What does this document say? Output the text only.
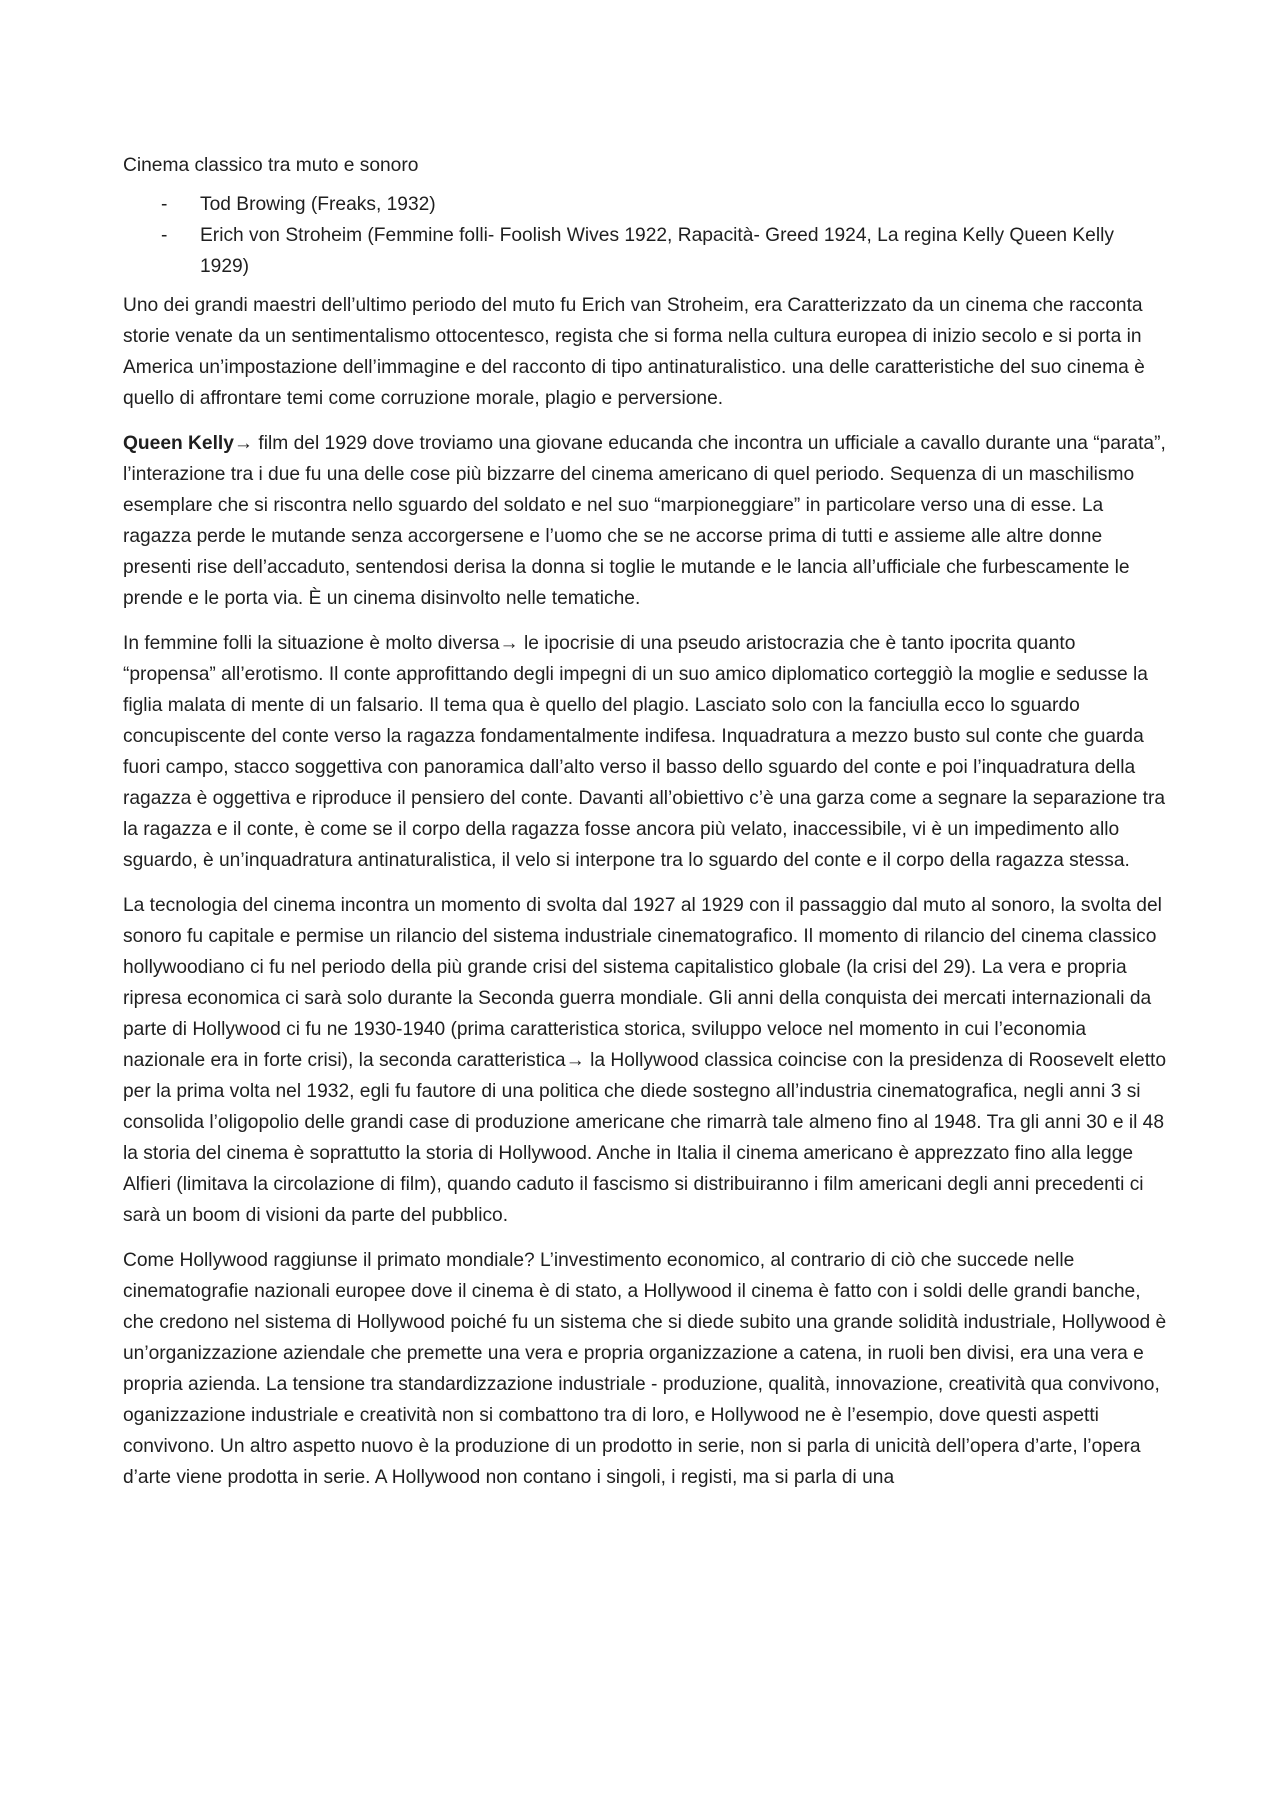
Cinema classico tra muto e sonoro
- Tod Browing (Freaks, 1932)
- Erich von Stroheim (Femmine folli- Foolish Wives 1922, Rapacità- Greed 1924, La regina Kelly Queen Kelly 1929)

Uno dei grandi maestri dell’ultimo periodo del muto fu Erich van Stroheim, era Caratterizzato da un cinema che racconta storie venate da un sentimentalismo ottocentesco, regista che si forma nella cultura europea di inizio secolo e si porta in America un’impostazione dell’immagine e del racconto di tipo antinaturalistico. una delle caratteristiche del suo cinema è quello di affrontare temi come corruzione morale, plagio e perversione.

Queen Kelly→ film del 1929 dove troviamo una giovane educanda che incontra un ufficiale a cavallo durante una “parata”, l’interazione tra i due fu una delle cose più bizzarre del cinema americano di quel periodo. Sequenza di un maschilismo esemplare che si riscontra nello sguardo del soldato e nel suo “marpioneggiare” in particolare verso una di esse. La ragazza perde le mutande senza accorgersene e l’uomo che se ne accorse prima di tutti e assieme alle altre donne presenti rise dell’accaduto, sentendosi derisa la donna si toglie le mutande e le lancia all’ufficiale che furbescamente le prende e le porta via. È un cinema disinvolto nelle tematiche.

In femmine folli la situazione è molto diversa→ le ipocrisie di una pseudo aristocrazia che è tanto ipocrita quanto “propensa” all’erotismo. Il conte approfittando degli impegni di un suo amico diplomatico corteggiò la moglie e sedusse la figlia malata di mente di un falsario. Il tema qua è quello del plagio. Lasciato solo con la fanciulla ecco lo sguardo concupiscente del conte verso la ragazza fondamentalmente indifesa. Inquadratura a mezzo busto sul conte che guarda fuori campo, stacco soggettiva con panoramica dall’alto verso il basso dello sguardo del conte e poi l’inquadratura della ragazza è oggettiva e riproduce il pensiero del conte. Davanti all’obiettivo c’è una garza come a segnare la separazione tra la ragazza e il conte, è come se il corpo della ragazza fosse ancora più velato, inaccessibile, vi è un impedimento allo sguardo, è un’inquadratura antinaturalistica, il velo si interpone tra lo sguardo del conte e il corpo della ragazza stessa.

La tecnologia del cinema incontra un momento di svolta dal 1927 al 1929 con il passaggio dal muto al sonoro, la svolta del sonoro fu capitale e permise un rilancio del sistema industriale cinematografico. Il momento di rilancio del cinema classico hollywoodiano ci fu nel periodo della più grande crisi del sistema capitalistico globale (la crisi del 29). La vera e propria ripresa economica ci sarà solo durante la Seconda guerra mondiale. Gli anni della conquista dei mercati internazionali da parte di Hollywood ci fu ne 1930-1940 (prima caratteristica storica, sviluppo veloce nel momento in cui l’economia nazionale era in forte crisi), la seconda caratteristica→ la Hollywood classica coincise con la presidenza di Roosevelt eletto per la prima volta nel 1932, egli fu fautore di una politica che diede sostegno all’industria cinematografica, negli anni 3 si consolida l’oligopolio delle grandi case di produzione americane che rimarrà tale almeno fino al 1948. Tra gli anni 30 e il 48 la storia del cinema è soprattutto la storia di Hollywood. Anche in Italia il cinema americano è apprezzato fino alla legge Alfieri (limitava la circolazione di film), quando caduto il fascismo si distribuiranno i film americani degli anni precedenti ci sarà un boom di visioni da parte del pubblico.

Come Hollywood raggiunse il primato mondiale? L’investimento economico, al contrario di ciò che succede nelle cinematografie nazionali europee dove il cinema è di stato, a Hollywood il cinema è fatto con i soldi delle grandi banche, che credono nel sistema di Hollywood poiché fu un sistema che si diede subito una grande solidità industriale, Hollywood è un’organizzazione aziendale che premette una vera e propria organizzazione a catena, in ruoli ben divisi, era una vera e propria azienda. La tensione tra standardizzazione industriale - produzione, qualità, innovazione, creatività qua convivono, oganizzazione industriale e creatività non si combattono tra di loro, e Hollywood ne è l’esempio, dove questi aspetti convivono. Un altro aspetto nuovo è la produzione di un prodotto in serie, non si parla di unicità dell’opera d’arte, l’opera d’arte viene prodotta in serie. A Hollywood non contano i singoli, i registi, ma si parla di una
